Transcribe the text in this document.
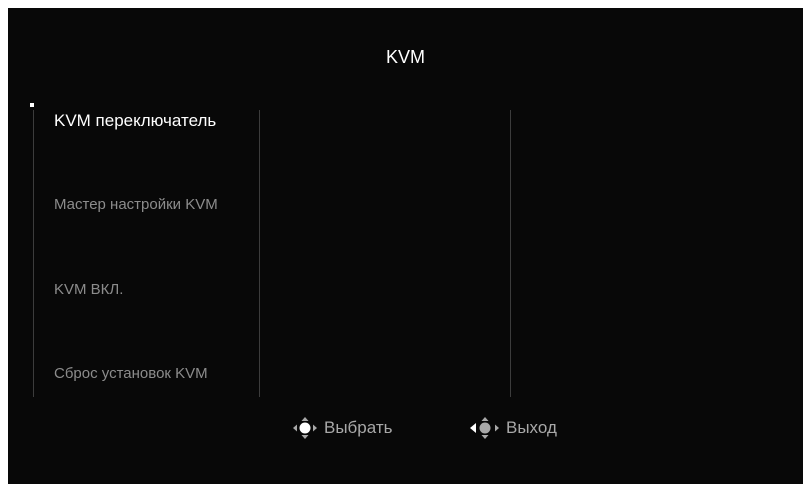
KVM
KVM переключатель
Мастер настройки KVM
KVM ВКЛ.
Сброс установок KVM
Выбрать	Выход
